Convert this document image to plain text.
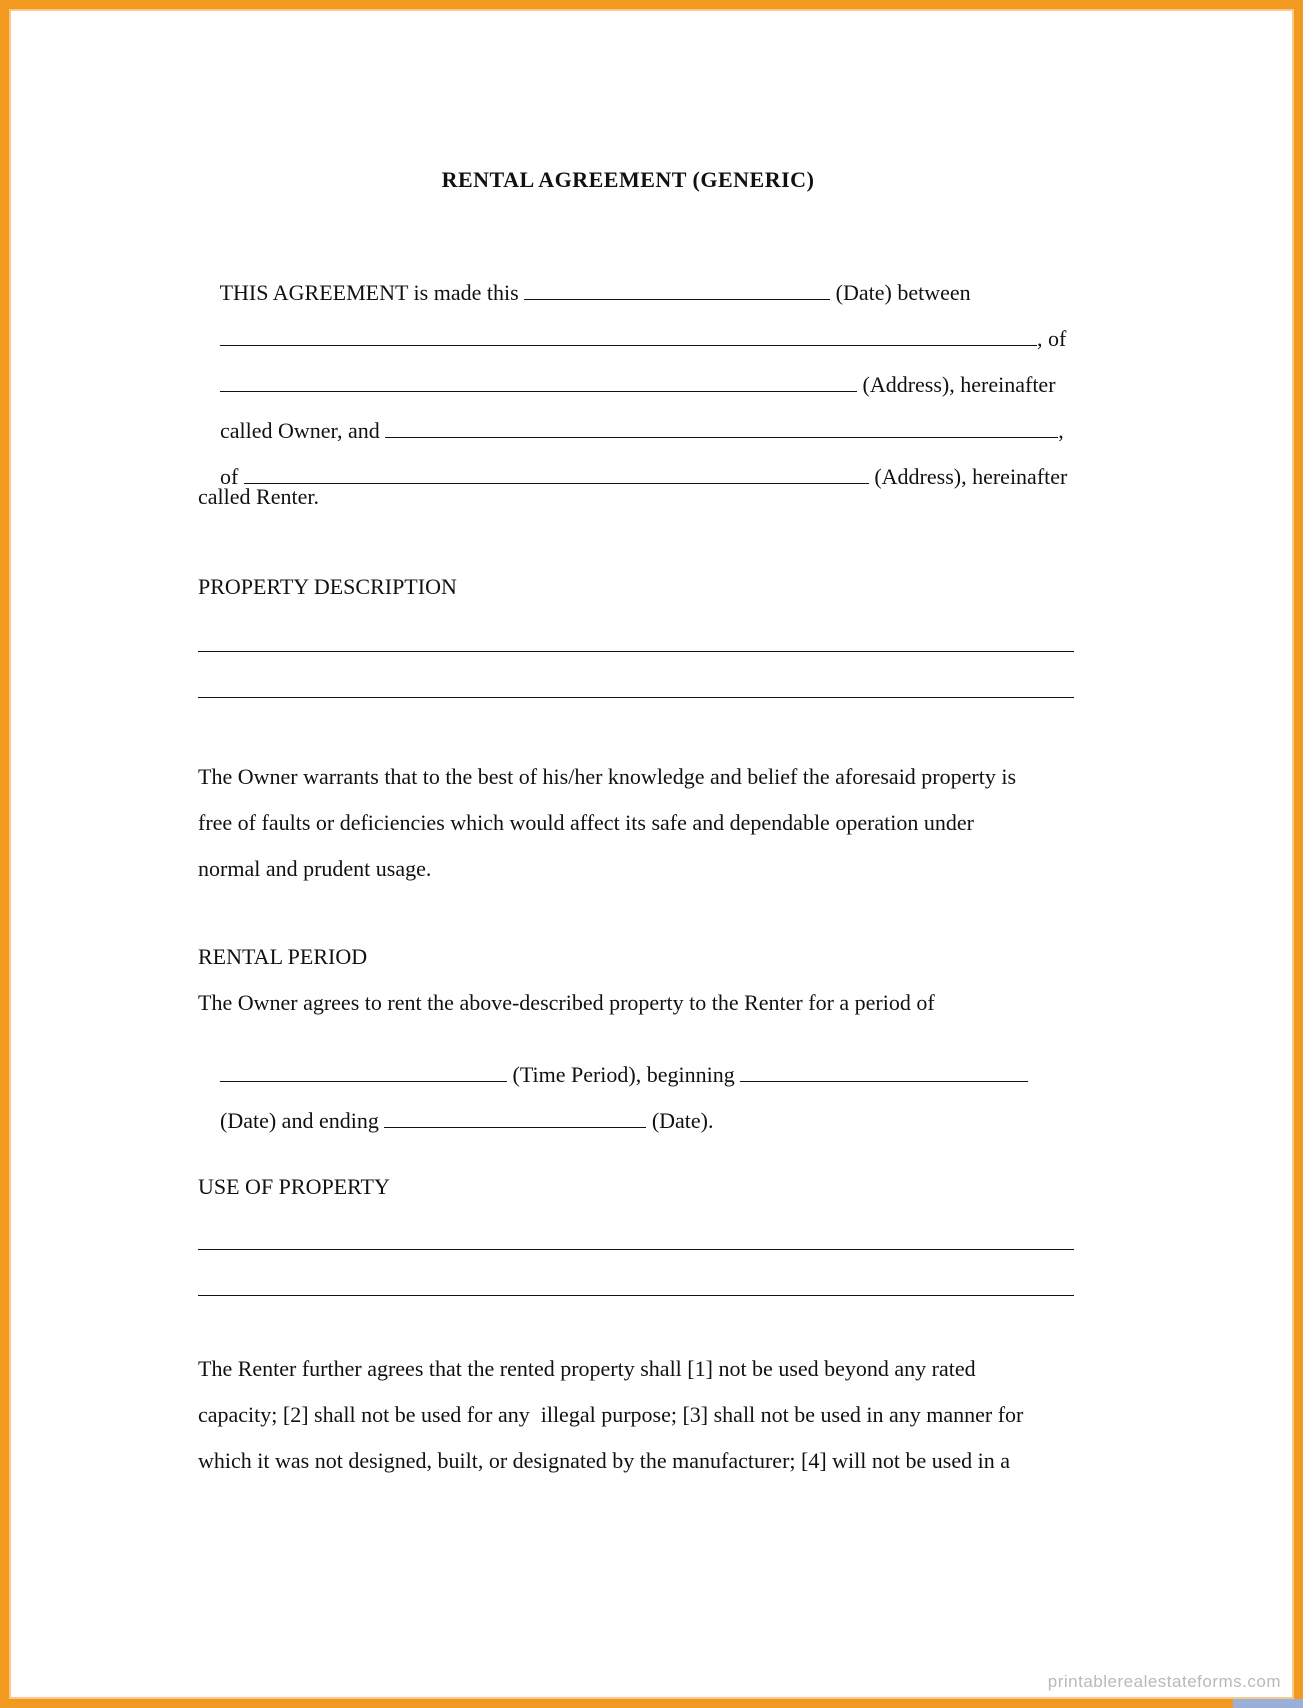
RENTAL AGREEMENT (GENERIC)

THIS AGREEMENT is made this	(Date) between

, of

(Address), hereinafter

called Owner, and	,

of	(Address), hereinafter

called Renter.
PROPERTY DESCRIPTION
The Owner warrants that to the best of his/her knowledge and belief the aforesaid property is
free of faults or deficiencies which would affect its safe and dependable operation under
normal and prudent usage.
RENTAL PERIOD
The Owner agrees to rent the above-described property to the Renter for a period of

(Time Period), beginning

(Date) and ending	(Date).

USE OF PROPERTY
The Renter further agrees that the rented property shall [1] not be used beyond any rated
capacity; [2] shall not be used for any  illegal purpose; [3] shall not be used in any manner for
which it was not designed, built, or designated by the manufacturer; [4] will not be used in a
printablerealestateforms.com
